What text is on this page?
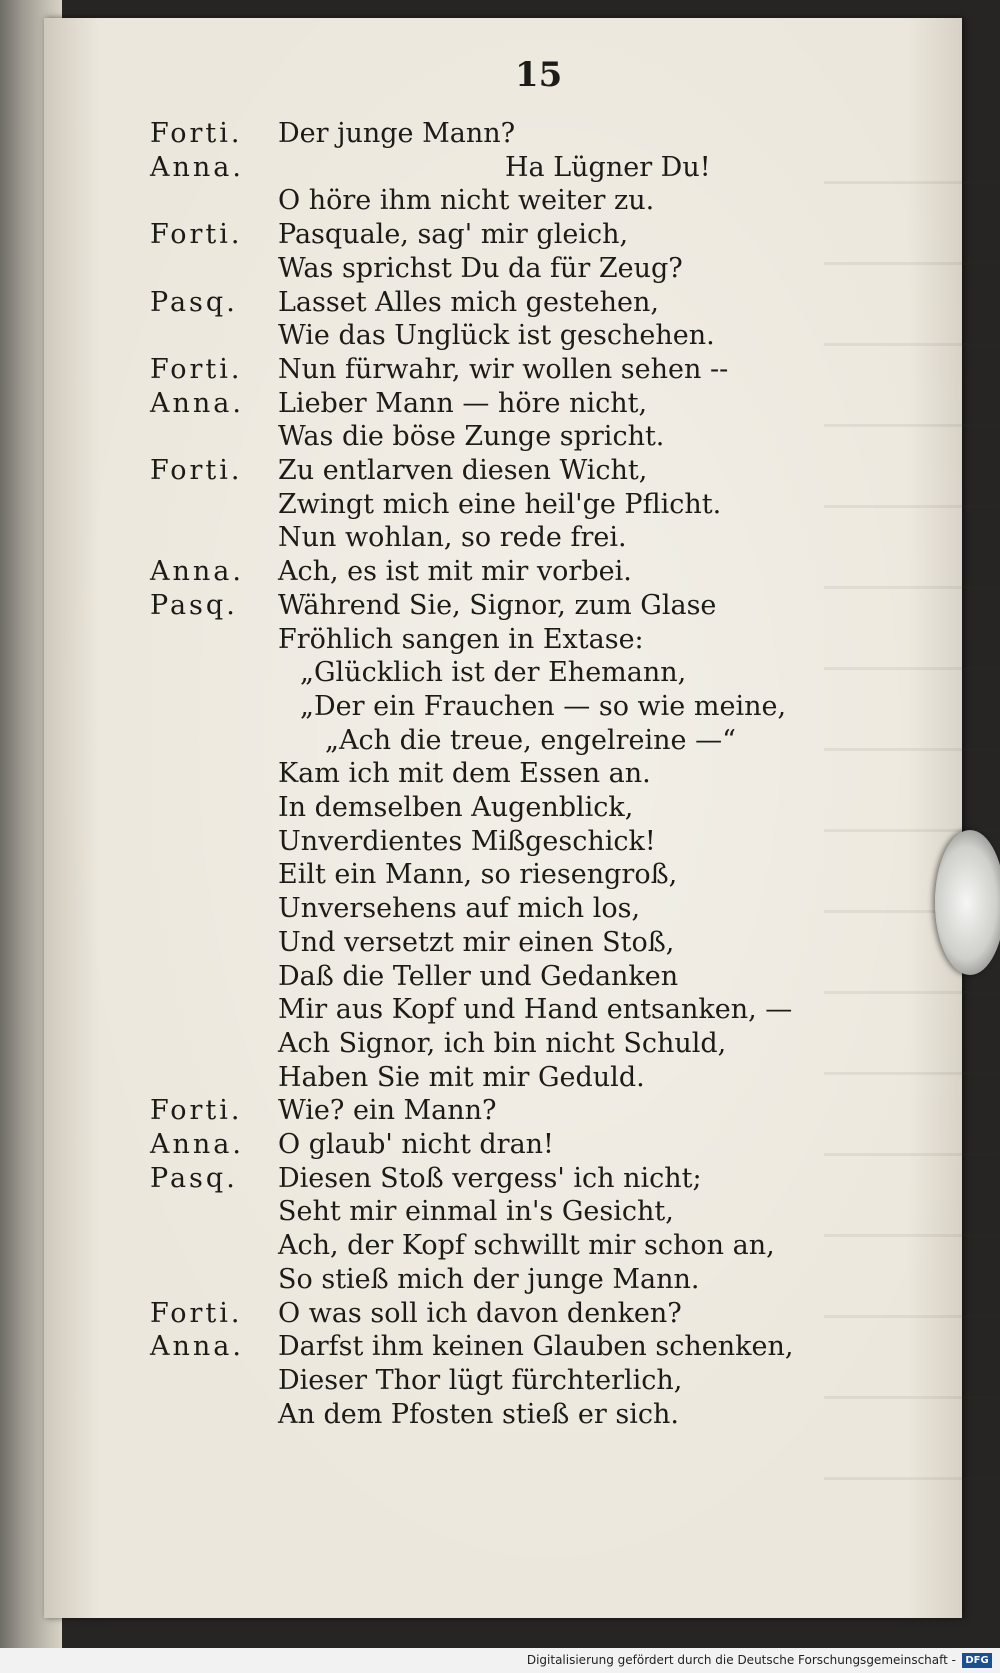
15
Forti. Der junge Mann?
Anna.	Ha Lügner Du!
O höre ihm nicht weiter zu.
Forti. Pasquale, sag' mir gleich,
Was sprichst Du da für Zeug?
Pasq. Lasset Alles mich gestehen,
Wie das Unglück ist geschehen.
Forti. Nun fürwahr, wir wollen sehen --
Anna. Lieber Mann — höre nicht,
Was die böse Zunge spricht.
Forti. Zu entlarven diesen Wicht,
Zwingt mich eine heil'ge Pflicht.
Nun wohlan, so rede frei.
Anna. Ach, es ist mit mir vorbei.
Pasq. Während Sie, Signor, zum Glase
Fröhlich sangen in Extase:
„Glücklich ist der Ehemann,
„Der ein Frauchen — so wie meine,
„Ach die treue, engelreine —“
Kam ich mit dem Essen an.
In demselben Augenblick,
Unverdientes Mißgeschick!
Eilt ein Mann, so riesengroß,
Unversehens auf mich los,
Und versetzt mir einen Stoß,
Daß die Teller und Gedanken
Mir aus Kopf und Hand entsanken, —
Ach Signor, ich bin nicht Schuld,
Haben Sie mit mir Geduld.
Forti. Wie? ein Mann?
Anna. O glaub' nicht dran!
Pasq. Diesen Stoß vergess' ich nicht;
Seht mir einmal in's Gesicht,
Ach, der Kopf schwillt mir schon an,
So stieß mich der junge Mann.
Forti. O was soll ich davon denken?
Anna. Darfst ihm keinen Glauben schenken,
Dieser Thor lügt fürchterlich,
An dem Pfosten stieß er sich.
Digitalisierung gefördert durch die Deutsche Forschungsgemeinschaft - DFG
